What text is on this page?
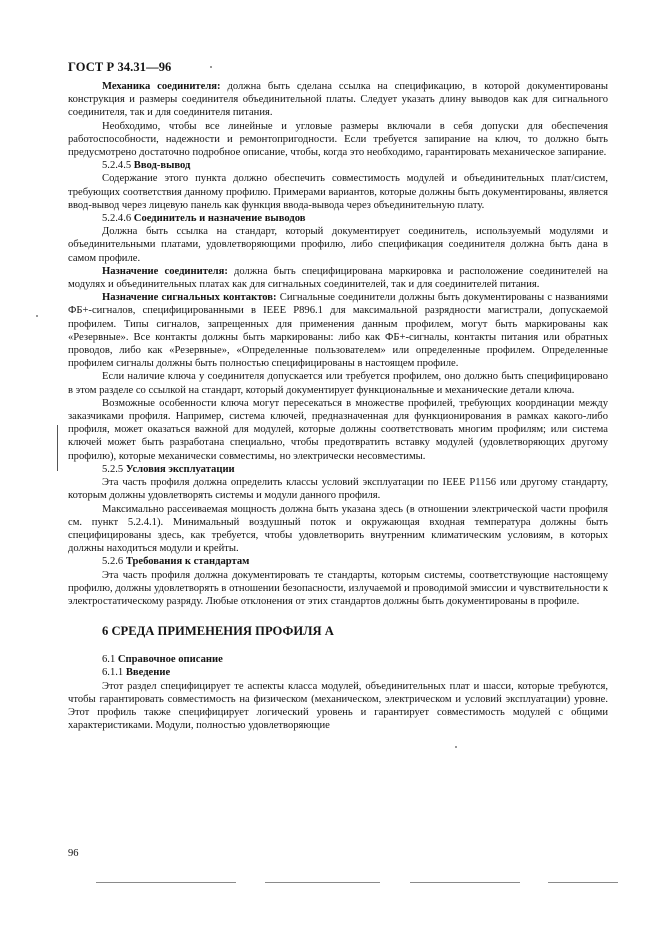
ГОСТ Р 34.31—96

Механика соединителя: должна быть сделана ссылка на спецификацию, в которой документированы конструкция и размеры соединителя объединительной платы. Следует указать длину выводов как для сигнального соединителя, так и для соединителя питания.

Необходимо, чтобы все линейные и угловые размеры включали в себя допуски для обеспечения работоспособности, надежности и ремонтопригодности. Если требуется запирание на ключ, то должно быть предусмотрено достаточно подробное описание, чтобы, когда это необходимо, гарантировать механическое запирание.

5.2.4.5 Ввод-вывод

Содержание этого пункта должно обеспечить совместимость модулей и объединительных плат/систем, требующих соответствия данному профилю. Примерами вариантов, которые должны быть документированы, является ввод-вывод через лицевую панель как функция ввода-вывода через объединительную плату.

5.2.4.6 Соединитель и назначение выводов

Должна быть ссылка на стандарт, который документирует соединитель, используемый модулями и объединительными платами, удовлетворяющими профилю, либо спецификация соединителя должна быть дана в самом профиле.

Назначение соединителя: должна быть специфицирована маркировка и расположение соединителей на модулях и объединительных платах как для сигнальных соединителей, так и для соединителей питания.

Назначение сигнальных контактов: Сигнальные соединители должны быть документированы с названиями ФБ+-сигналов, специфицированными в IEEE P896.1 для максимальной разрядности магистрали, допускаемой профилем. Типы сигналов, запрещенных для применения данным профилем, могут быть маркированы как «Резервные». Все контакты должны быть маркированы: либо как ФБ+-сигналы, контакты питания или обратных проводов, либо как «Резервные», «Определенные пользователем» или определенные профилем. Определенные профилем сигналы должны быть полностью специфицированы в настоящем профиле.

Если наличие ключа у соединителя допускается или требуется профилем, оно должно быть специфицировано в этом разделе со ссылкой на стандарт, который документирует функциональные и механические детали ключа.

Возможные особенности ключа могут пересекаться в множестве профилей, требующих координации между заказчиками профиля. Например, система ключей, предназначенная для функционирования в рамках какого-либо профиля, может оказаться важной для модулей, которые должны соответствовать многим профилям; или система ключей может быть разработана специально, чтобы предотвратить вставку модулей (удовлетворяющих другому профилю), которые механически совместимы, но электрически несовместимы.

5.2.5 Условия эксплуатации

Эта часть профиля должна определить классы условий эксплуатации по IEEE P1156 или другому стандарту, которым должны удовлетворять системы и модули данного профиля.

Максимально рассеиваемая мощность должна быть указана здесь (в отношении электрической части профиля см. пункт 5.2.4.1). Минимальный воздушный поток и окружающая входная температура должны быть специфицированы здесь, как требуется, чтобы удовлетворить внутренним климатическим условиям, в которых должны находиться модули и крейты.

5.2.6 Требования к стандартам

Эта часть профиля должна документировать те стандарты, которым системы, соответствующие настоящему профилю, должны удовлетворять в отношении безопасности, излучаемой и проводимой эмиссии и чувствительности к электростатическому разряду. Любые отклонения от этих стандартов должны быть документированы в профиле.

6 СРЕДА ПРИМЕНЕНИЯ ПРОФИЛЯ А

6.1 Справочное описание

6.1.1 Введение

Этот раздел специфицирует те аспекты класса модулей, объединительных плат и шасси, которые требуются, чтобы гарантировать совместимость на физическом (механическом, электрическом и условий эксплуатации) уровне. Этот профиль также специфицирует логический уровень и гарантирует совместимость модулей с общими характеристиками. Модули, полностью удовлетворяющие

96
